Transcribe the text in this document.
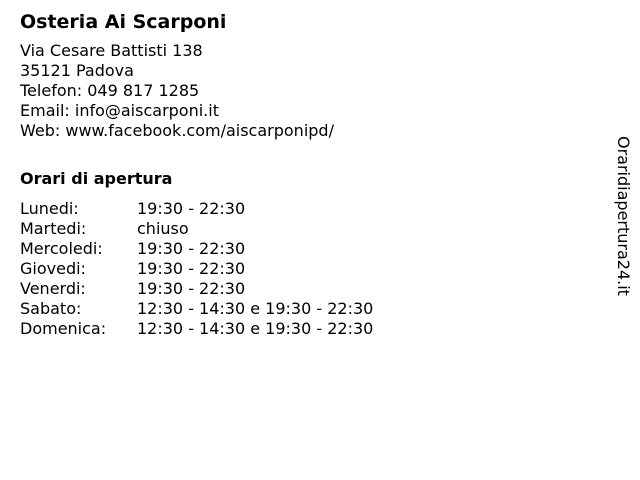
Osteria Ai Scarponi
Via Cesare Battisti 138
35121 Padova
Telefon: 049 817 1285
Email: info@aiscarponi.it
Web: www.facebook.com/aiscarponipd/
Orari di apertura
Lunedi:	19:30 - 22:30
Martedi:	chiuso
Mercoledi:	19:30 - 22:30
Giovedi:	19:30 - 22:30
Venerdi:	19:30 - 22:30
Sabato:	12:30 - 14:30 e 19:30 - 22:30
Domenica:	12:30 - 14:30 e 19:30 - 22:30
Oraridiapertura24.it
